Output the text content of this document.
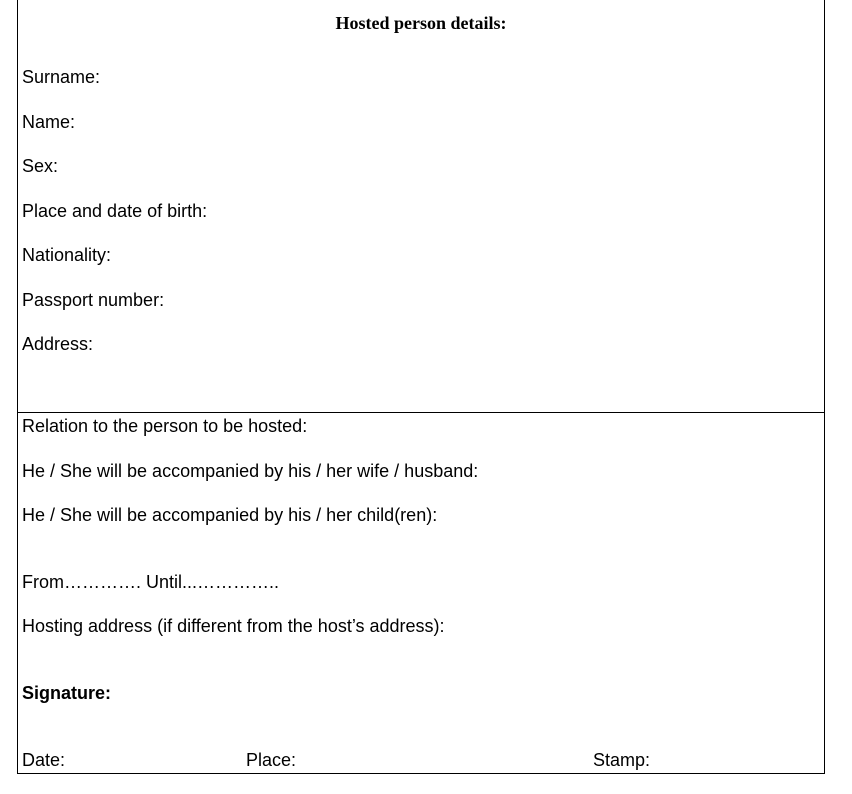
Hosted person details:
Surname:
Name:
Sex:
Place and date of birth:
Nationality:
Passport number:
Address:
Relation to the person to be hosted:
He / She will be accompanied by his / her wife / husband:
He / She will be accompanied by his / her child(ren):
From…………. Until...…………..
Hosting address (if different from the host’s address):
Signature:
Date:	Place:	Stamp:
